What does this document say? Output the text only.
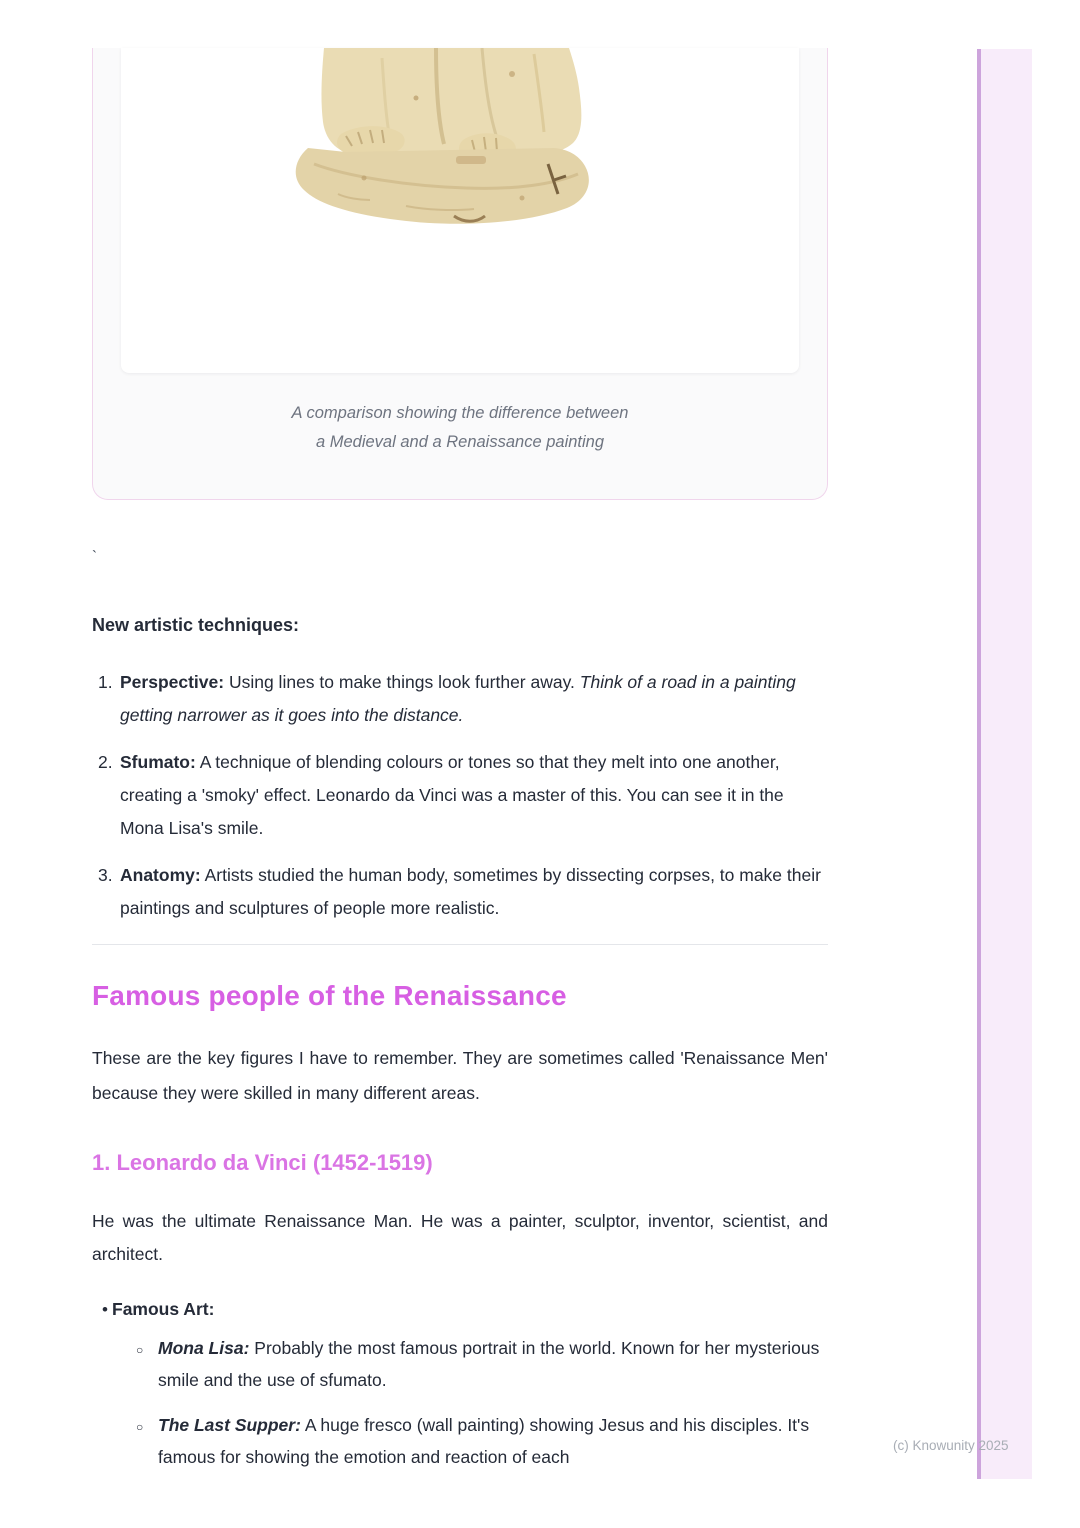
A comparison showing the difference between a Medieval and a Renaissance painting
`
New artistic techniques:
1. Perspective: Using lines to make things look further away. Think of a road in a painting getting narrower as it goes into the distance.
2. Sfumato: A technique of blending colours or tones so that they melt into one another, creating a 'smoky' effect. Leonardo da Vinci was a master of this. You can see it in the Mona Lisa's smile.
3. Anatomy: Artists studied the human body, sometimes by dissecting corpses, to make their paintings and sculptures of people more realistic.
Famous people of the Renaissance
These are the key figures I have to remember. They are sometimes called 'Renaissance Men' because they were skilled in many different areas.
1. Leonardo da Vinci (1452-1519)
He was the ultimate Renaissance Man. He was a painter, sculptor, inventor, scientist, and architect.
• Famous Art:
○ Mona Lisa: Probably the most famous portrait in the world. Known for her mysterious smile and the use of sfumato.
○ The Last Supper: A huge fresco (wall painting) showing Jesus and his disciples. It's famous for showing the emotion and reaction of each
(c) Knowunity 2025
